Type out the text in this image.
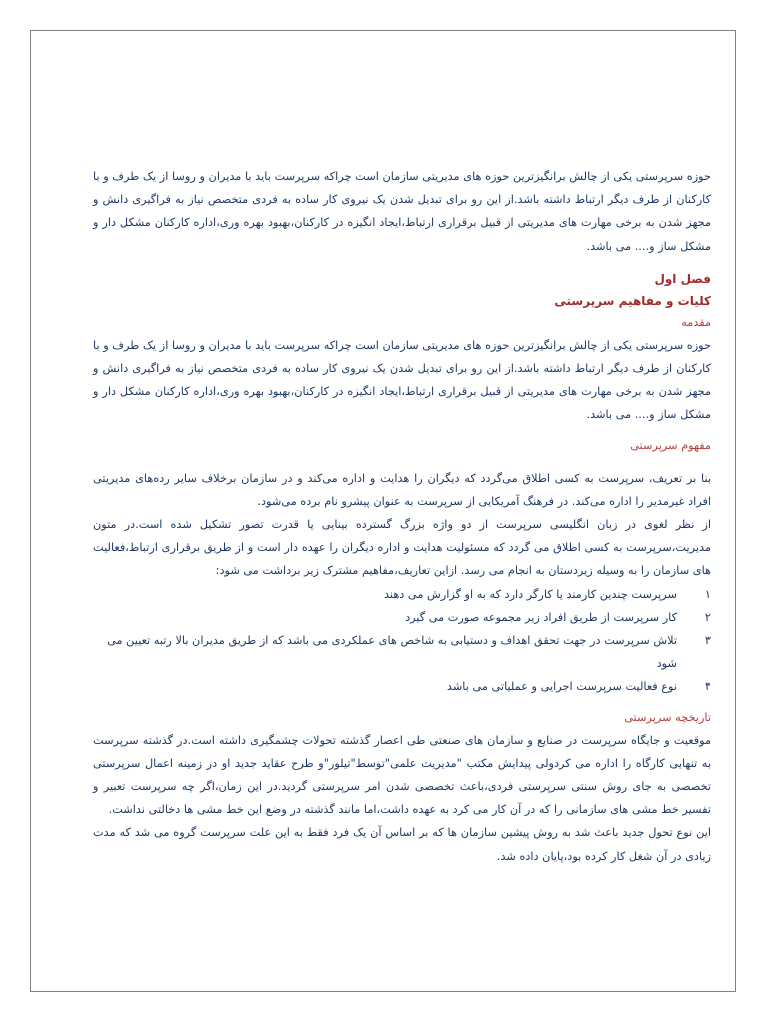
حوزه سرپرستی یکی از چالش برانگیزترین حوزه های مدیریتی سازمان است چراکه سرپرست باید با مدیران و روسا از یک طرف و با کارکنان از طرف دیگر ارتباط داشته باشد.از این رو برای تبدیل شدن یک نیروی کار ساده به فردی متخصص نیاز به فراگیری دانش و مجهز شدن به برخی مهارت های مدیریتی از قبیل برقراری ارتباط،ایجاد انگیزه در کارکنان،بهبود بهره وری،اداره کارکنان مشکل دار و مشکل ساز و.... می باشد.

فصل اول

کلیات و مفاهیم سرپرستی

مقدمه

حوزه سرپرستی یکی از چالش برانگیزترین حوزه های مدیریتی سازمان است چراکه سرپرست باید با مدیران و روسا از یک طرف و با کارکنان از طرف دیگر ارتباط داشته باشد.از این رو برای تبدیل شدن یک نیروی کار ساده به فردی متخصص نیاز به فراگیری دانش و مجهز شدن به برخی مهارت های مدیریتی از قبیل برقراری ارتباط،ایجاد انگیزه در کارکنان،بهبود بهره وری،اداره کارکنان مشکل دار و مشکل ساز و.... می باشد.

مفهوم سرپرستی

بنا بر تعریف، سرپرست به کسی اطلاق می‌گردد که دیگران را هدایت و اداره می‌کند و در سازمان برخلاف سایر رده‌های مدیریتی افراد غیرمدیر را اداره می‌کند. در فرهنگ آمریکایی از سرپرست به عنوان پیشرو نام برده می‌شود.

از نظر لغوی در زبان انگلیسی سرپرست از دو واژه بزرگ گسترده بینایی یا قدرت تصور تشکیل شده است.در متون مدیریت،سرپرست به کسی اطلاق می گردد که مسئولیت هدایت و اداره دیگران را عهده دار است و از طریق برقراری ارتباط،فعالیت های سازمان را به وسیله زیردستان به انجام می رسد. ازاین تعاریف،مفاهیم مشترک زیر برداشت می شود:

۱
سرپرست چندین کارمند یا کارگر دارد که به او گزارش می دهند
۲
کار سرپرست از طریق افراد زیر مجموعه صورت می گیرد
۳
تلاش سرپرست در جهت تحقق اهداف و دستیابی به شاخص های عملکردی می باشد که از طریق مدیران بالا رتبه تعیین می شود
۴
نوع فعالیت سرپرست اجرایی و عملیاتی می باشد

تاریخچه سرپرستی

موقعیت و جایگاه سرپرست در صنایع و سازمان های صنعتی طی اعصار گذشته تحولات چشمگیری داشته است.در گذشته سرپرست به تنهایی کارگاه را اداره می کردولی پیدایش مکتب "مدیریت علمی"توسط"تیلور"و طرح عقاید جدید او در زمینه اعمال سرپرستی تخصصی به جای روش سنتی سرپرستی فردی،باعث تخصصی شدن امر سرپرستی گردید.در این زمان،اگر چه سرپرست تعبیر و تفسیر خط مشی های سازمانی را که در آن کار می کرد به عهده داشت،اما مانند گذشته در وضع این خط مشی ها دخالتی نداشت.

این نوع تحول جدید باعث شد به روش پیشین سازمان ها که بر اساس آن یک فرد فقط به این علت سرپرست گروه می شد که مدت زیادی در آن شغل کار کرده بود،پایان داده شد.
